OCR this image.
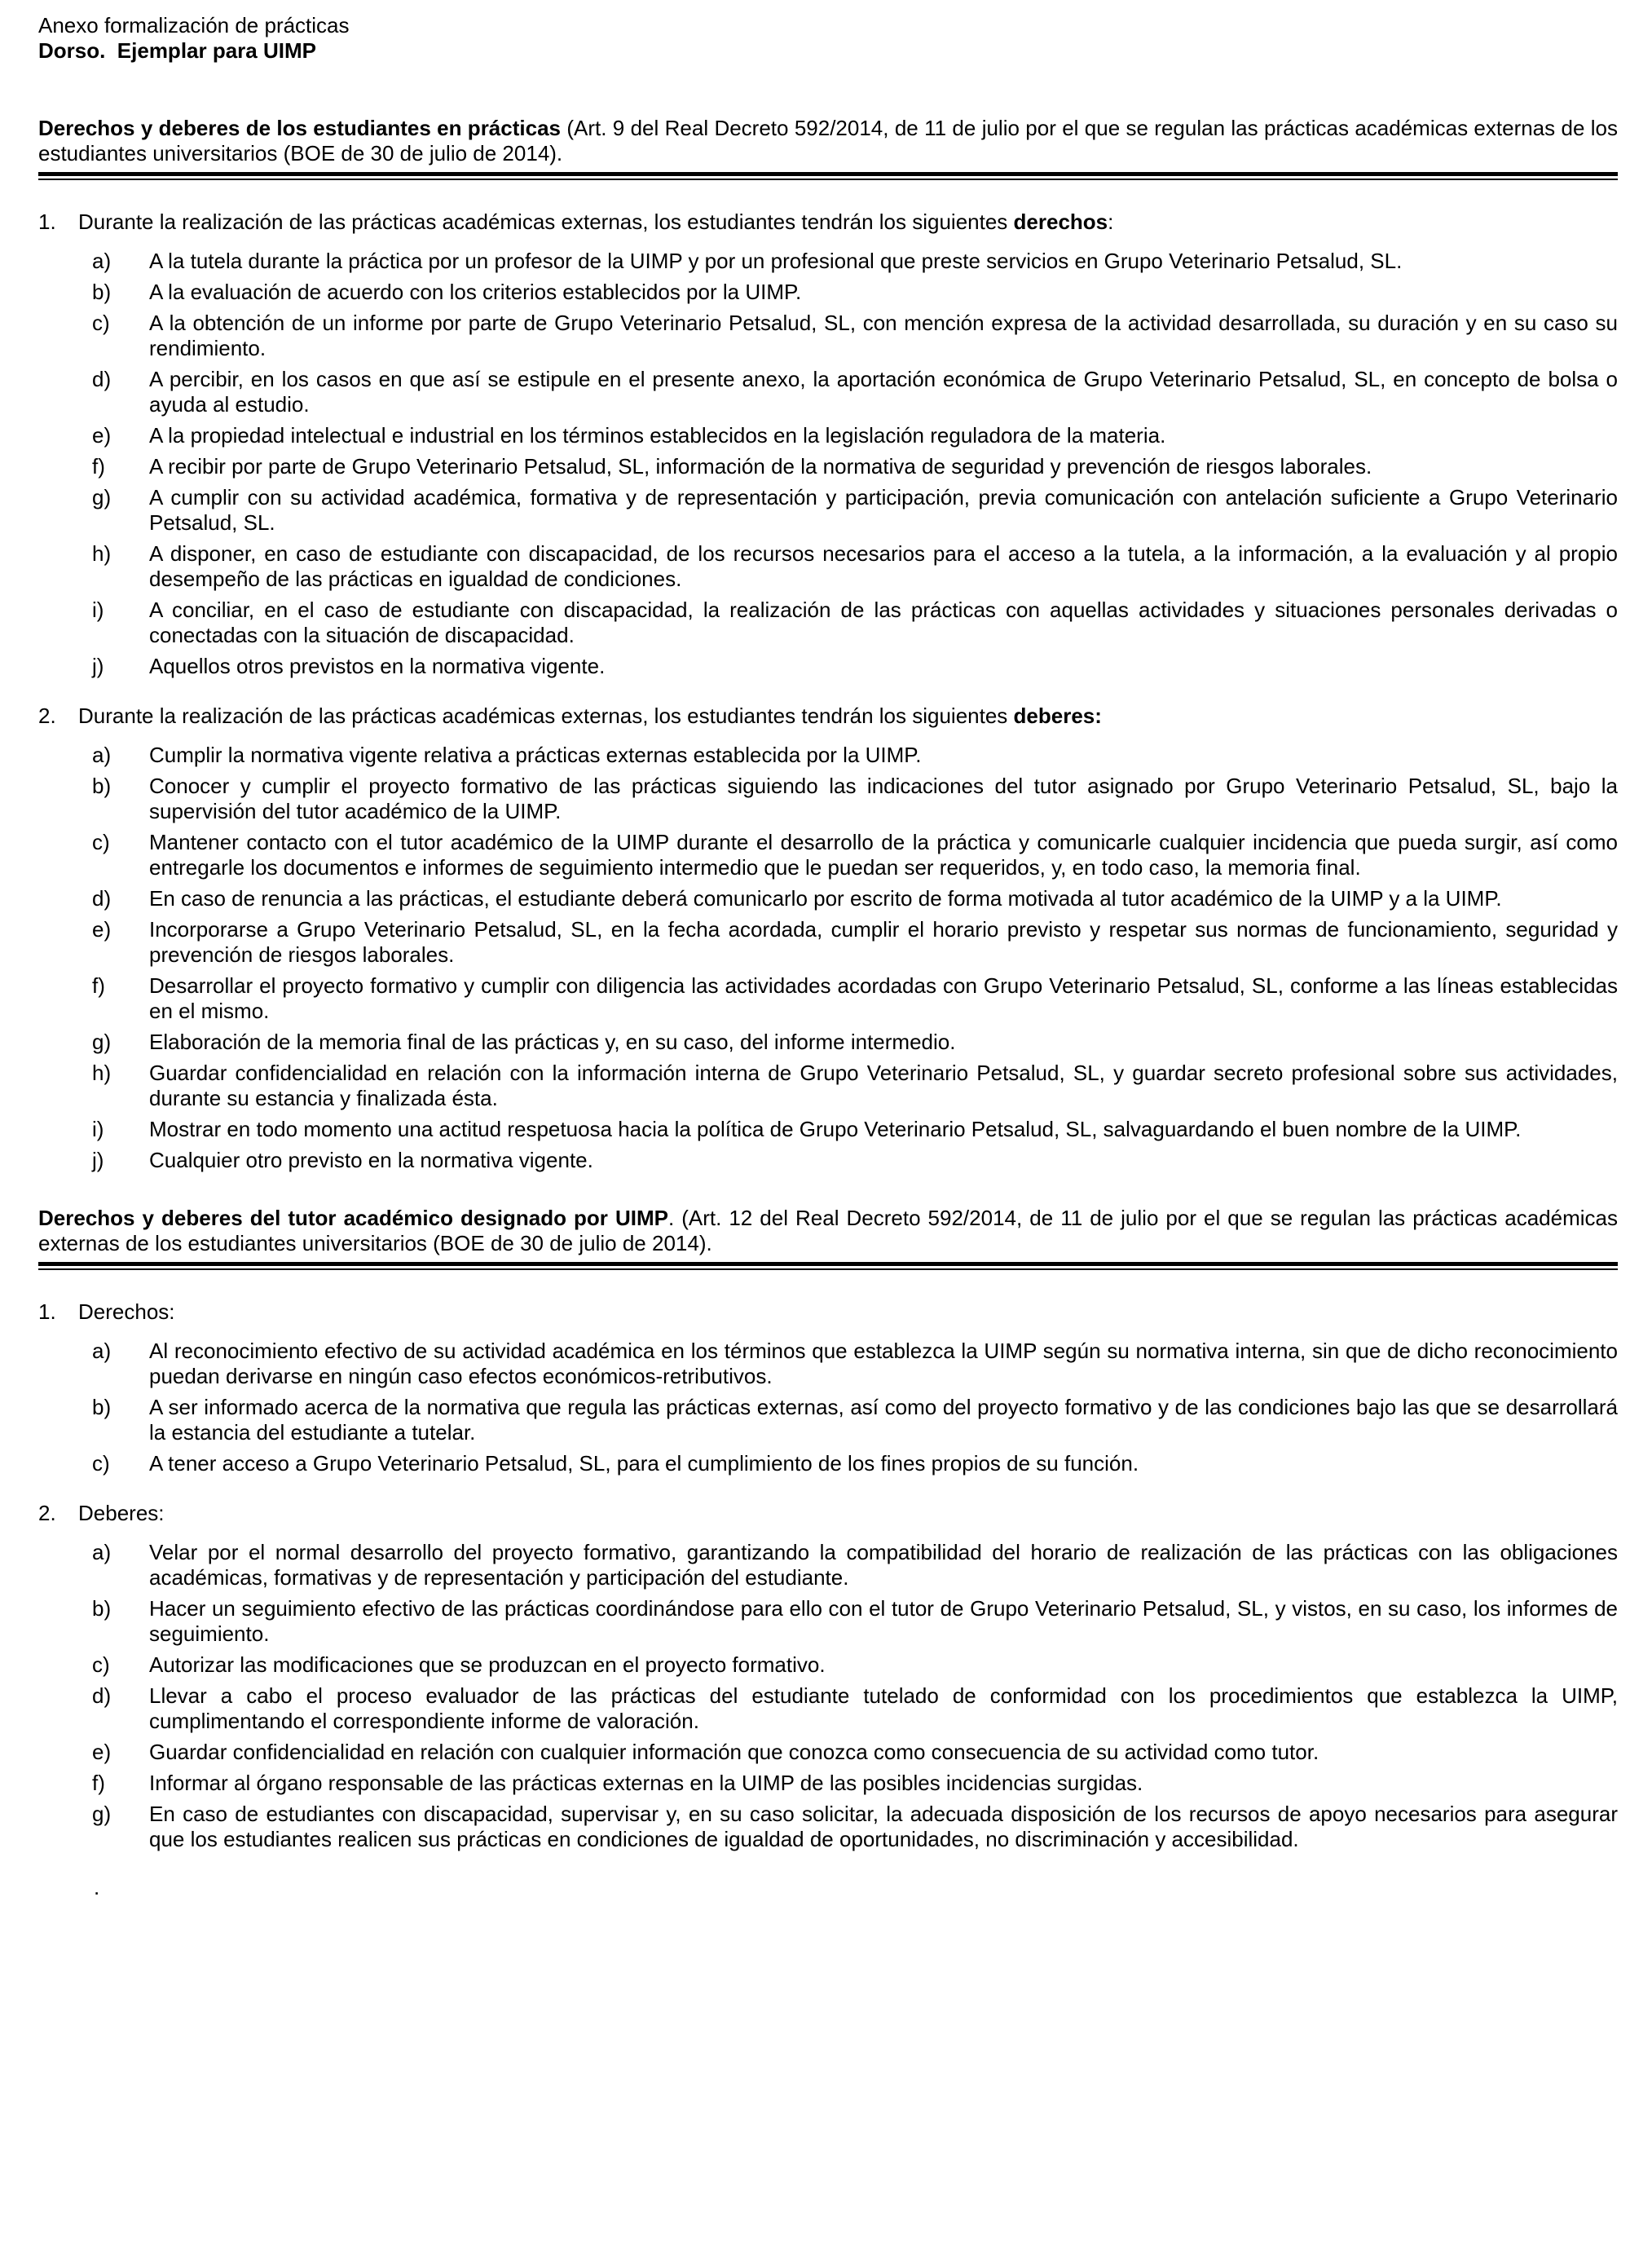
Anexo formalización de prácticas
Dorso.  Ejemplar para UIMP
Derechos y deberes de los estudiantes en prácticas (Art. 9 del Real Decreto 592/2014, de 11 de julio por el que se regulan las prácticas académicas externas de los estudiantes universitarios (BOE de 30 de julio de 2014).
1.	Durante la realización de las prácticas académicas externas, los estudiantes tendrán los siguientes derechos:
a)	A la tutela durante la práctica por un profesor de la UIMP y por un profesional que preste servicios en Grupo Veterinario Petsalud, SL.
b)	A la evaluación de acuerdo con los criterios establecidos por la UIMP.
c)	A la obtención de un informe por parte de Grupo Veterinario Petsalud, SL, con mención expresa de la actividad desarrollada, su duración y en su caso su rendimiento.
d)	A percibir, en los casos en que así se estipule en el presente anexo, la aportación económica de Grupo Veterinario Petsalud, SL, en concepto de bolsa o ayuda al estudio.
e)	A la propiedad intelectual e industrial en los términos establecidos en la legislación reguladora de la materia.
f)	A recibir por parte de Grupo Veterinario Petsalud, SL, información de la normativa de seguridad y prevención de riesgos laborales.
g)	A cumplir con su actividad académica, formativa y de representación y participación, previa comunicación con antelación suficiente a Grupo Veterinario Petsalud, SL.
h)	A disponer, en caso de estudiante con discapacidad, de los recursos necesarios para el acceso a la tutela, a la información, a la evaluación y al propio desempeño de las prácticas en igualdad de condiciones.
i)	A conciliar, en el caso de estudiante con discapacidad, la realización de las prácticas con aquellas actividades y situaciones personales derivadas o conectadas con la situación de discapacidad.
j)	Aquellos otros previstos en la normativa vigente.
2.	Durante la realización de las prácticas académicas externas, los estudiantes tendrán los siguientes deberes:
a)	Cumplir la normativa vigente relativa a prácticas externas establecida por la UIMP.
b)	Conocer y cumplir el proyecto formativo de las prácticas siguiendo las indicaciones del tutor asignado por Grupo Veterinario Petsalud, SL, bajo la supervisión del tutor académico de la UIMP.
c)	Mantener contacto con el tutor académico de la UIMP durante el desarrollo de la práctica y comunicarle cualquier incidencia que pueda surgir, así como entregarle los documentos e informes de seguimiento intermedio que le puedan ser requeridos, y, en todo caso, la memoria final.
d)	En caso de renuncia a las prácticas, el estudiante deberá comunicarlo por escrito de forma motivada al tutor académico de la UIMP y a la UIMP.
e)	Incorporarse a Grupo Veterinario Petsalud, SL, en la fecha acordada, cumplir el horario previsto y respetar sus normas de funcionamiento, seguridad y prevención de riesgos laborales.
f)	Desarrollar el proyecto formativo y cumplir con diligencia las actividades acordadas con Grupo Veterinario Petsalud, SL, conforme a las líneas establecidas en el mismo.
g)	Elaboración de la memoria final de las prácticas y, en su caso, del informe intermedio.
h)	Guardar confidencialidad en relación con la información interna de Grupo Veterinario Petsalud, SL, y guardar secreto profesional sobre sus actividades, durante su estancia y finalizada ésta.
i)	Mostrar en todo momento una actitud respetuosa hacia la política de Grupo Veterinario Petsalud, SL, salvaguardando el buen nombre de la UIMP.
j)	Cualquier otro previsto en la normativa vigente.
Derechos y deberes del tutor académico designado por UIMP. (Art. 12 del Real Decreto 592/2014, de 11 de julio por el que se regulan las prácticas académicas externas de los estudiantes universitarios (BOE de 30 de julio de 2014).
1.	Derechos:
a)	Al reconocimiento efectivo de su actividad académica en los términos que establezca la UIMP según su normativa interna, sin que de dicho reconocimiento puedan derivarse en ningún caso efectos económicos-retributivos.
b)	A ser informado acerca de la normativa que regula las prácticas externas, así como del proyecto formativo y de las condiciones bajo las que se desarrollará la estancia del estudiante a tutelar.
c)	A tener acceso a Grupo Veterinario Petsalud, SL, para el cumplimiento de los fines propios de su función.
2.	Deberes:
a)	Velar por el normal desarrollo del proyecto formativo, garantizando la compatibilidad del horario de realización de las prácticas con las obligaciones académicas, formativas y de representación y participación del estudiante.
b)	Hacer un seguimiento efectivo de las prácticas coordinándose para ello con el tutor de Grupo Veterinario Petsalud, SL, y vistos, en su caso, los informes de seguimiento.
c)	Autorizar las modificaciones que se produzcan en el proyecto formativo.
d)	Llevar a cabo el proceso evaluador de las prácticas del estudiante tutelado de conformidad con los procedimientos que establezca la UIMP, cumplimentando el correspondiente informe de valoración.
e)	Guardar confidencialidad en relación con cualquier información que conozca como consecuencia de su actividad como tutor.
f)	Informar al órgano responsable de las prácticas externas en la UIMP de las posibles incidencias surgidas.
g)	En caso de estudiantes con discapacidad, supervisar y, en su caso solicitar, la adecuada disposición de los recursos de apoyo necesarios para asegurar que los estudiantes realicen sus prácticas en condiciones de igualdad de oportunidades, no discriminación y accesibilidad.
.
